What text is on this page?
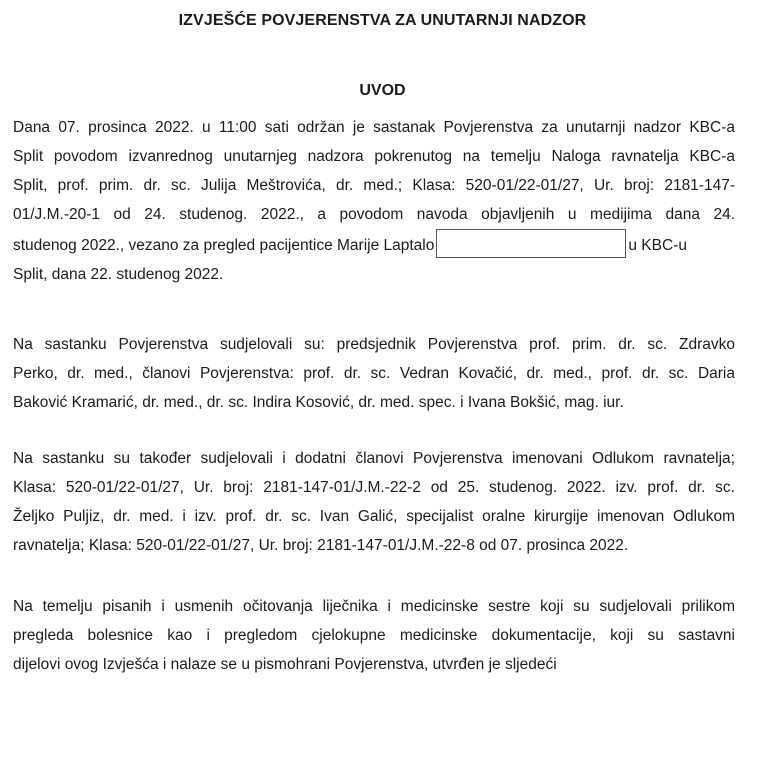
IZVJEŠĆE POVJERENSTVA ZA UNUTARNJI NADZOR
UVOD
Dana 07. prosinca 2022. u 11:00 sati održan je sastanak Povjerenstva za unutarnji nadzor KBC-a
Split povodom izvanrednog unutarnjeg nadzora pokrenutog na temelju Naloga ravnatelja KBC-a
Split, prof. prim. dr. sc. Julija Meštrovića, dr. med.; Klasa: 520-01/22-01/27, Ur. broj: 2181-147-
01/J.M.-20-1 od 24. studenog. 2022., a povodom navoda objavljenih u medijima dana 24.
studenog 2022., vezano za pregled pacijentice Marije Laptalo	u KBC-u
Split, dana 22. studenog 2022.
Na sastanku Povjerenstva sudjelovali su: predsjednik Povjerenstva prof. prim. dr. sc. Zdravko
Perko, dr. med., članovi Povjerenstva: prof. dr. sc. Vedran Kovačić, dr. med., prof. dr. sc. Daria
Baković Kramarić, dr. med., dr. sc. Indira Kosović, dr. med. spec. i Ivana Bokšić, mag. iur.
Na sastanku su također sudjelovali i dodatni članovi Povjerenstva imenovani Odlukom ravnatelja;
Klasa: 520-01/22-01/27, Ur. broj: 2181-147-01/J.M.-22-2 od 25. studenog. 2022. izv. prof. dr. sc.
Željko Puljiz, dr. med. i izv. prof. dr. sc. Ivan Galić, specijalist oralne kirurgije imenovan Odlukom
ravnatelja; Klasa: 520-01/22-01/27, Ur. broj: 2181-147-01/J.M.-22-8 od 07. prosinca 2022.
Na temelju pisanih i usmenih očitovanja liječnika i medicinske sestre koji su sudjelovali prilikom
pregleda bolesnice kao i pregledom cjelokupne medicinske dokumentacije, koji su sastavni
dijelovi ovog Izvješća i nalaze se u pismohrani Povjerenstva, utvrđen je sljedeći
